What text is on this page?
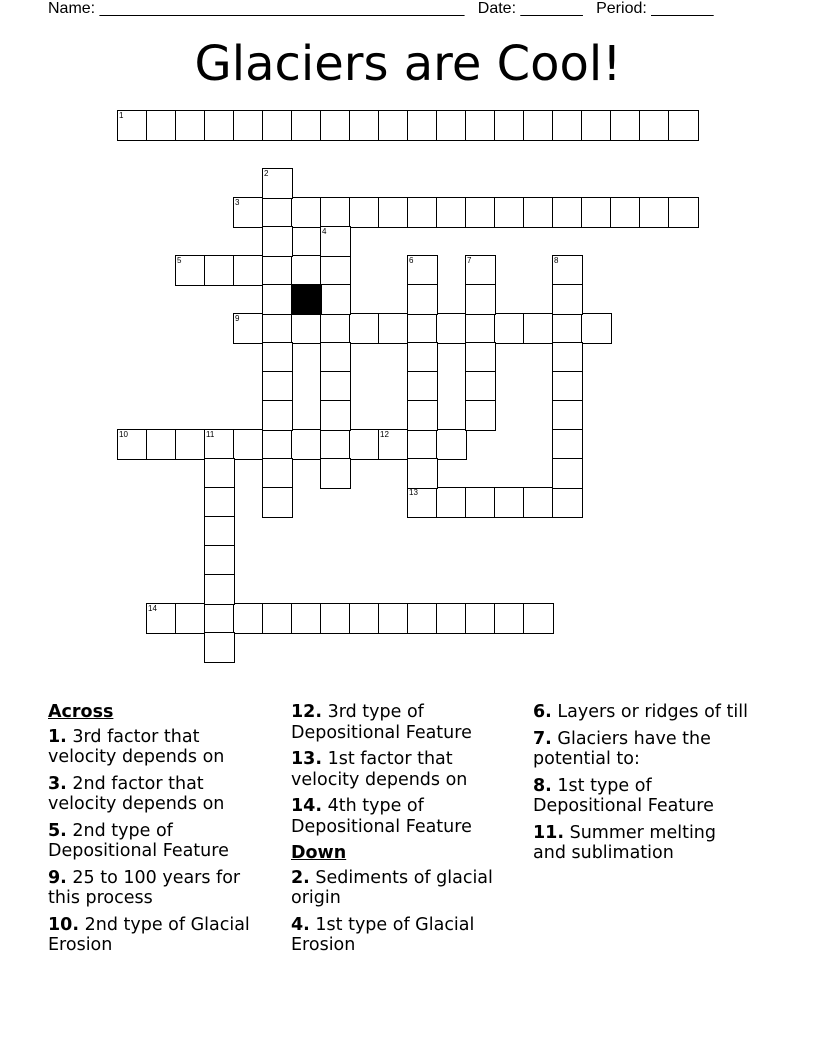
Name: _________________________________________ Date: _______ Period: _______
Glaciers are Cool!
1
3
5
9
10	11	12
13
14
2
4
6	7	8
Across
1. 3rd factor that velocity depends on
3. 2nd factor that velocity depends on
5. 2nd type of Depositional Feature
9. 25 to 100 years for this process
10. 2nd type of Glacial Erosion
12. 3rd type of Depositional Feature
13. 1st factor that velocity depends on
14. 4th type of Depositional Feature
Down
2. Sediments of glacial origin
4. 1st type of Glacial Erosion
6. Layers or ridges of till
7. Glaciers have the potential to:
8. 1st type of Depositional Feature
11. Summer melting and sublimation
